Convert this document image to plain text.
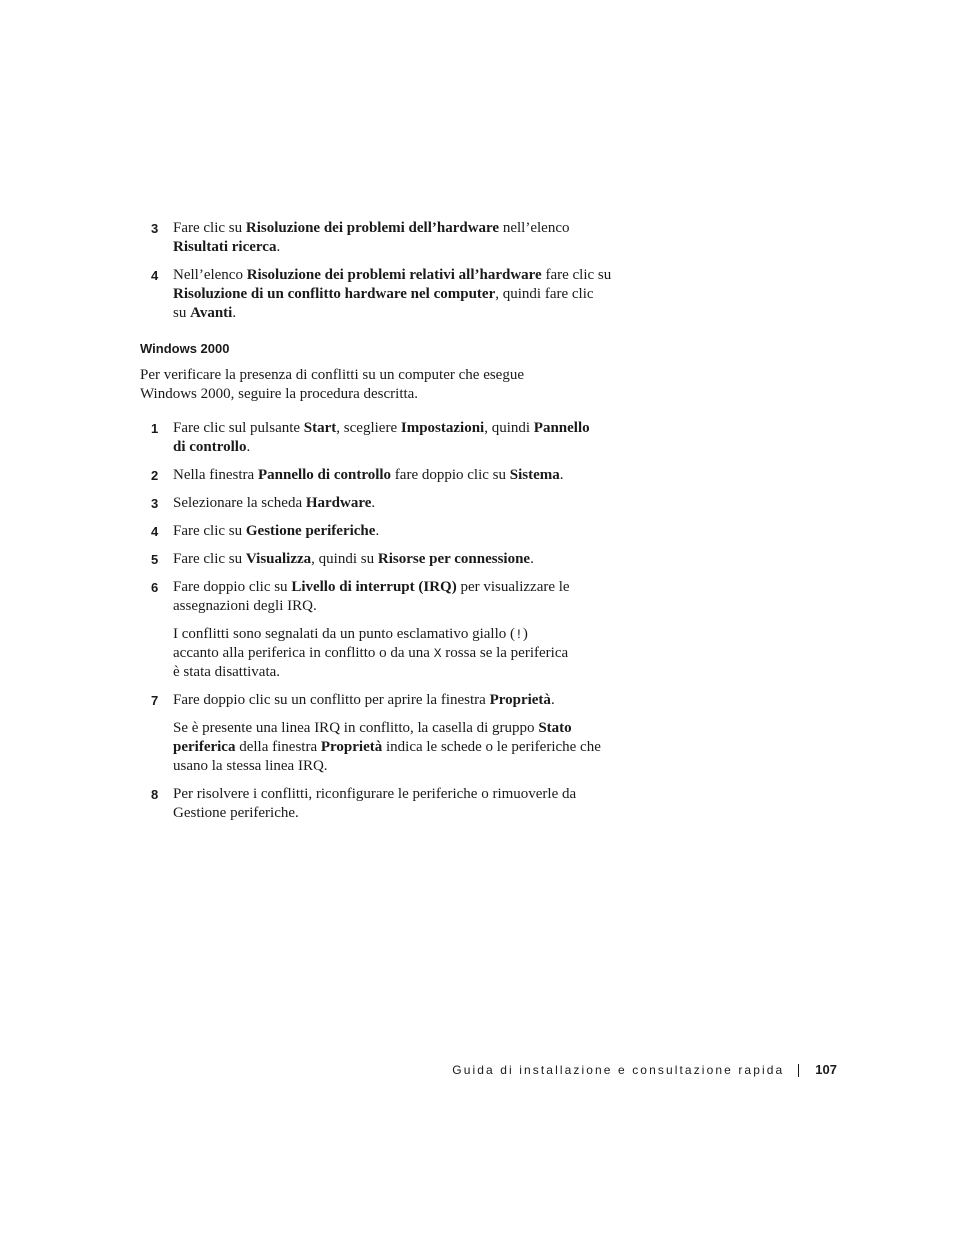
3 Fare clic su Risoluzione dei problemi dell’hardware nell’elenco
Risultati ricerca.
4 Nell’elenco Risoluzione dei problemi relativi all’hardware fare clic su
Risoluzione di un conflitto hardware nel computer, quindi fare clic
su Avanti.
Windows 2000
Per verificare la presenza di conflitti su un computer che esegue
Windows 2000, seguire la procedura descritta.
1 Fare clic sul pulsante Start, scegliere Impostazioni, quindi Pannello
di controllo.
2 Nella finestra Pannello di controllo fare doppio clic su Sistema.
3 Selezionare la scheda Hardware.
4 Fare clic su Gestione periferiche.
5 Fare clic su Visualizza, quindi su Risorse per connessione.
6 Fare doppio clic su Livello di interrupt (IRQ) per visualizzare le
assegnazioni degli IRQ.
I conflitti sono segnalati da un punto esclamativo giallo (!)
accanto alla periferica in conflitto o da una X rossa se la periferica
è stata disattivata.
7 Fare doppio clic su un conflitto per aprire la finestra Proprietà.
Se è presente una linea IRQ in conflitto, la casella di gruppo Stato
periferica della finestra Proprietà indica le schede o le periferiche che
usano la stessa linea IRQ.
8 Per risolvere i conflitti, riconfigurare le periferiche o rimuoverle da
Gestione periferiche.
Guida di installazione e consultazione rapida 107
